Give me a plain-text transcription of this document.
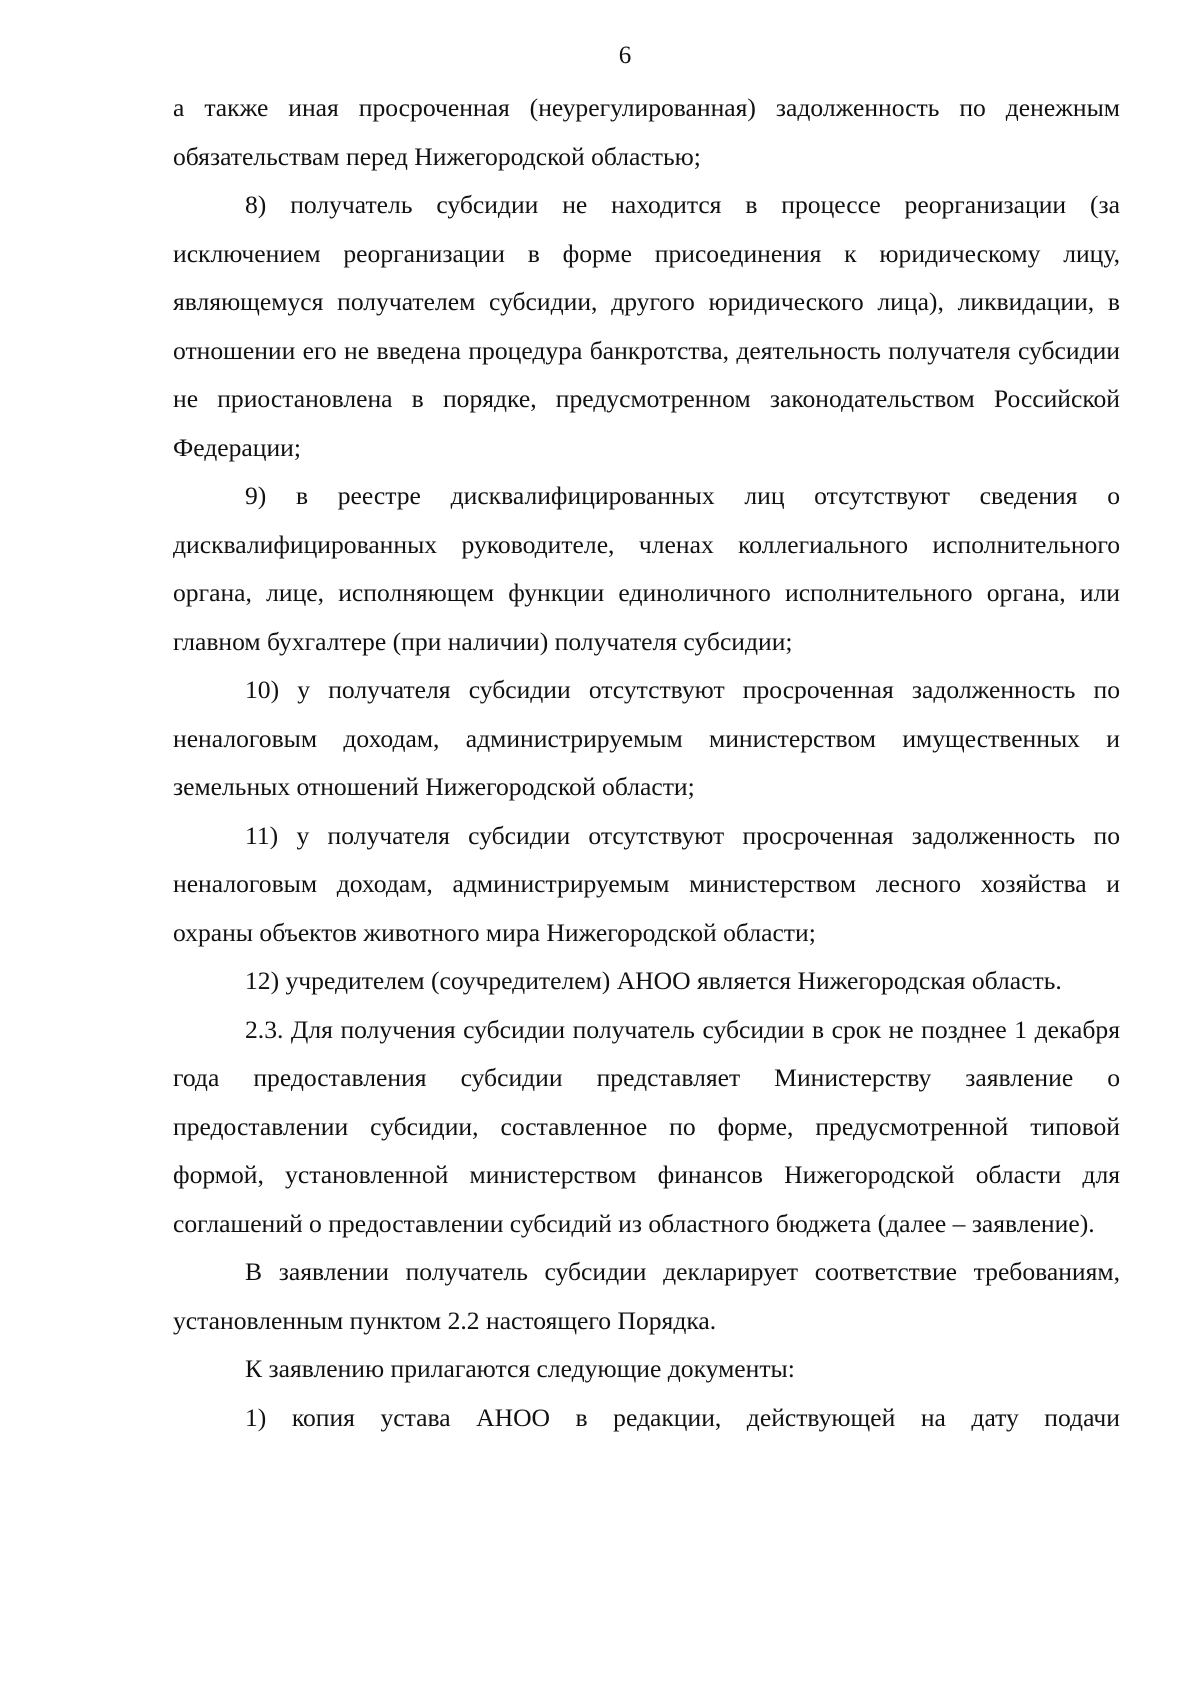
6

а также иная просроченная (неурегулированная) задолженность по денежным обязательствам перед Нижегородской областью;

8) получатель субсидии не находится в процессе реорганизации (за исключением реорганизации в форме присоединения к юридическому лицу, являющемуся получателем субсидии, другого юридического лица), ликвидации, в отношении его не введена процедура банкротства, деятельность получателя субсидии не приостановлена в порядке, предусмотренном законодательством Российской Федерации;

9) в реестре дисквалифицированных лиц отсутствуют сведения о дисквалифицированных руководителе, членах коллегиального исполнительного органа, лице, исполняющем функции единоличного исполнительного органа, или главном бухгалтере (при наличии) получателя субсидии;

10) у получателя субсидии отсутствуют просроченная задолженность по неналоговым доходам, администрируемым министерством имущественных и земельных отношений Нижегородской области;

11) у получателя субсидии отсутствуют просроченная задолженность по неналоговым доходам, администрируемым министерством лесного хозяйства и охраны объектов животного мира Нижегородской области;

12) учредителем (соучредителем) АНОО является Нижегородская область.

2.3. Для получения субсидии получатель субсидии в срок не позднее 1 декабря года предоставления субсидии представляет Министерству заявление о предоставлении субсидии, составленное по форме, предусмотренной типовой формой, установленной министерством финансов Нижегородской области для соглашений о предоставлении субсидий из областного бюджета (далее – заявление).

В заявлении получатель субсидии декларирует соответствие требованиям, установленным пунктом 2.2 настоящего Порядка.

К заявлению прилагаются следующие документы:

1) копия устава АНОО в редакции, действующей на дату подачи
